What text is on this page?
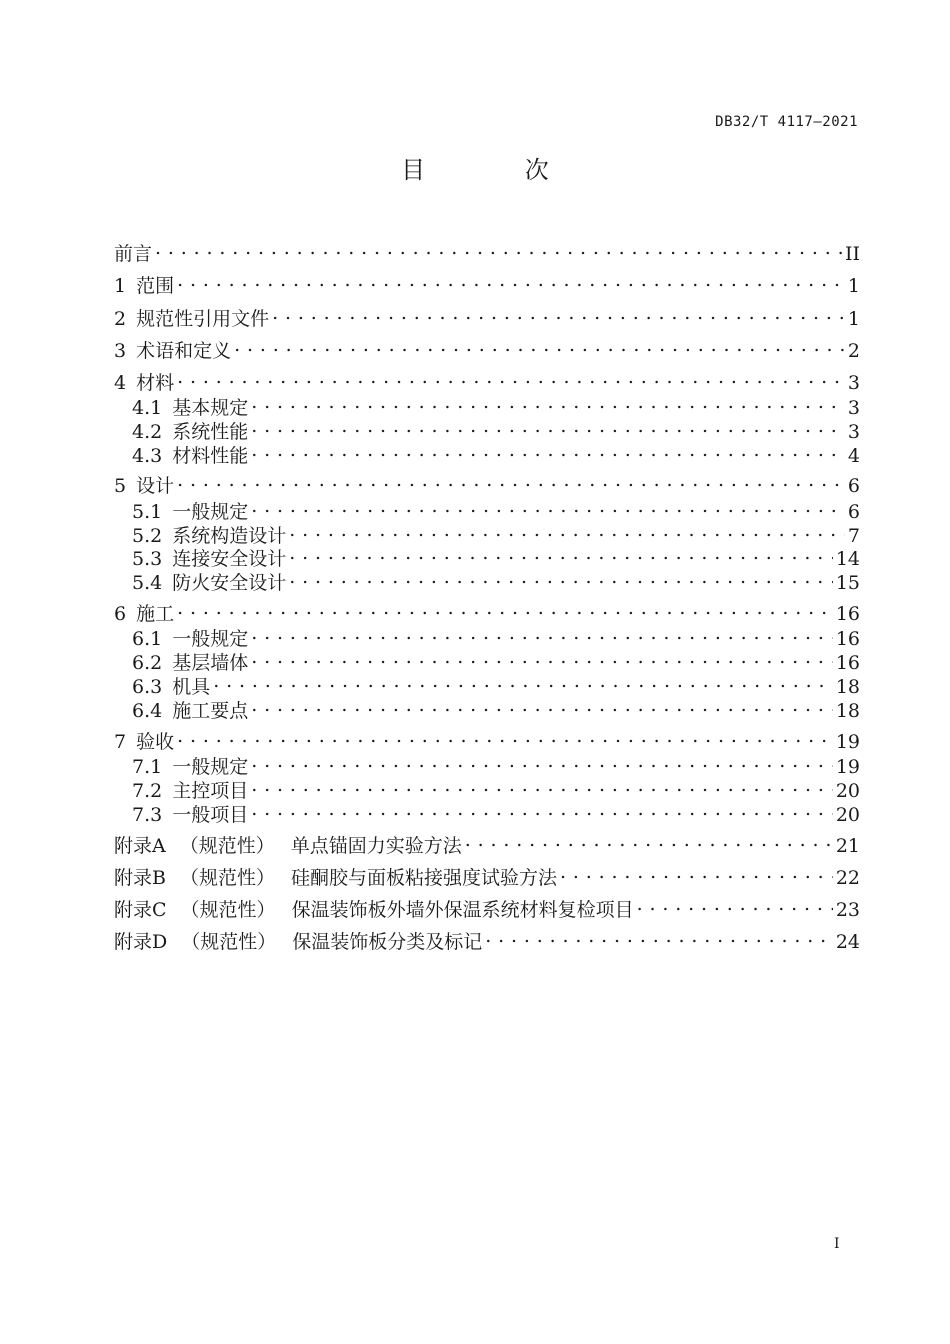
DB32/T 4117—2021
目 次
前言 . . .	II
1 范围 . . .	1
2 规范性引用文件 . . .	1
3 术语和定义 . . .	2
4 材料 . . .	3
4.1 基本规定 . . .	3
4.2 系统性能 . . .	3
4.3 材料性能 . . .	4
5 设计 . . .	6
5.1 一般规定 . . .	6
5.2 系统构造设计 . . .	7
5.3 连接安全设计 . . .	14
5.4 防火安全设计 . . .	15
6 施工 . . .	16
6.1 一般规定 . . .	16
6.2 基层墙体 . . .	16
6.3 机具 . . .	18
6.4 施工要点 . . .	18
7 验收 . . .	19
7.1 一般规定 . . .	19
7.2 主控项目 . . .	20
7.3 一般项目 . . .	20
附录A （规范性） 单点锚固力实验方法 . . .	21
附录B （规范性） 硅酮胶与面板粘接强度试验方法 . . .	22
附录C （规范性） 保温装饰板外墙外保温系统材料复检项目 . . .	23
附录D （规范性） 保温装饰板分类及标记 . . .	24
I
